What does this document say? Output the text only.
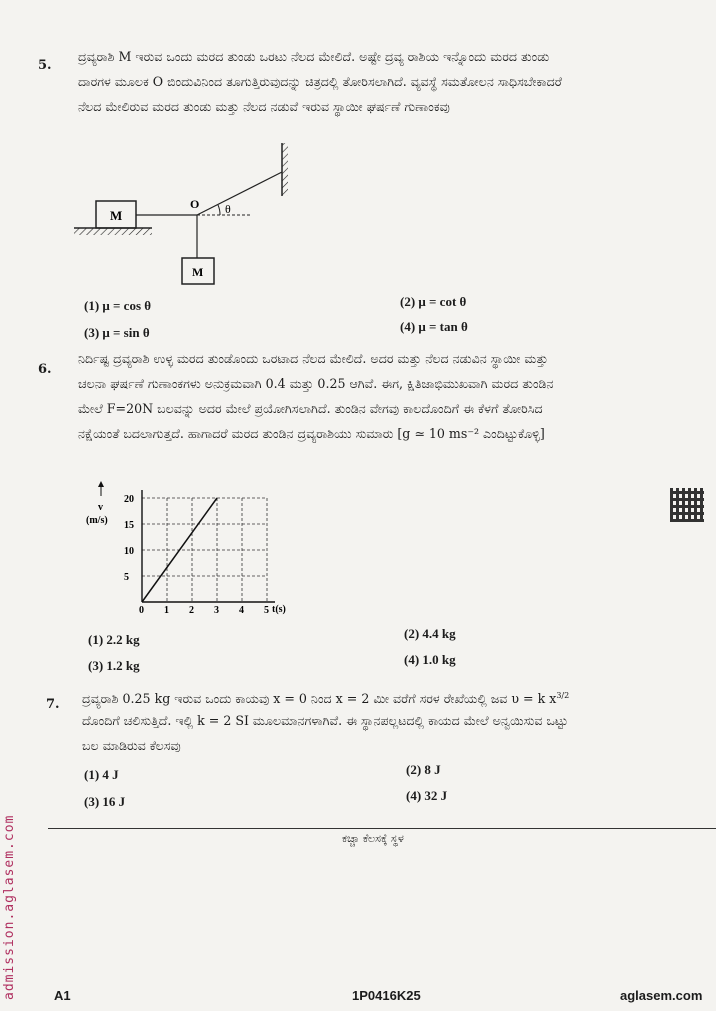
5.
ದ್ರವ್ಯರಾಶಿ M ಇರುವ ಒಂದು ಮರದ ತುಂಡು ಒರಟು ನೆಲದ ಮೇಲಿದೆ. ಅಷ್ಟೇ ದ್ರವ್ಯ ರಾಶಿಯ ಇನ್ನೊಂದು ಮರದ ತುಂಡು
ದಾರಗಳ ಮೂಲಕ O ಬಿಂದುವಿನಿಂದ ತೂಗುತ್ತಿರುವುದನ್ನು ಚಿತ್ರದಲ್ಲಿ ತೋರಿಸಲಾಗಿದೆ. ವ್ಯವಸ್ಥೆ ಸಮತೋಲನ ಸಾಧಿಸಬೇಕಾದರೆ
ನೆಲದ ಮೇಲಿರುವ ಮರದ ತುಂಡು ಮತ್ತು ನೆಲದ ನಡುವೆ ಇರುವ ಸ್ಥಾಯೀ ಘರ್ಷಣೆ ಗುಣಾಂಕವು
M
O θ
M
(1) μ = cos θ	(2) μ = cot θ
(3) μ = sin θ	(4) μ = tan θ
6.
ನಿರ್ದಿಷ್ಟ ದ್ರವ್ಯರಾಶಿ ಉಳ್ಳ ಮರದ ತುಂಡೊಂದು ಒರಟಾದ ನೆಲದ ಮೇಲಿದೆ. ಅದರ ಮತ್ತು ನೆಲದ ನಡುವಿನ ಸ್ಥಾಯೀ ಮತ್ತು
ಚಲನಾ ಘರ್ಷಣೆ ಗುಣಾಂಕಗಳು ಅನುಕ್ರಮವಾಗಿ 0.4 ಮತ್ತು 0.25 ಆಗಿವೆ. ಈಗ, ಕ್ಷಿತಿಜಾಭಿಮುಖವಾಗಿ ಮರದ ತುಂಡಿನ
ಮೇಲೆ F=20N ಬಲವನ್ನು ಅದರ ಮೇಲೆ ಪ್ರಯೋಗಿಸಲಾಗಿದೆ. ತುಂಡಿನ ವೇಗವು ಕಾಲದೊಂದಿಗೆ ಈ ಕೆಳಗೆ ತೋರಿಸಿದ
ನಕ್ಷೆಯಂತೆ ಬದಲಾಗುತ್ತದೆ. ಹಾಗಾದರೆ ಮರದ ತುಂಡಿನ ದ್ರವ್ಯರಾಶಿಯು ಸುಮಾರು [g ≃ 10 ms⁻² ಎಂದಿಟ್ಟುಕೊಳ್ಳಿ]
0 1 2 3 4 5
5
10
15
20
v (m/s)
t(s)
(1) 2.2 kg	(2) 4.4 kg
(3) 1.2 kg	(4) 1.0 kg
7. ದ್ರವ್ಯರಾಶಿ 0.25 kg ಇರುವ ಒಂದು ಕಾಯವು x = 0 ನಿಂದ x = 2 ಮೀ ವರೆಗೆ ಸರಳ ರೇಖೆಯಲ್ಲಿ ಜವ υ = k $x^{3/2}$
ದೊಂದಿಗೆ ಚಲಿಸುತ್ತಿದೆ. ಇಲ್ಲಿ k = 2 SI ಮೂಲಮಾನಗಳಾಗಿವೆ. ಈ ಸ್ಥಾನಪಲ್ಲಟದಲ್ಲಿ ಕಾಯದ ಮೇಲೆ ಅನ್ವಯಿಸುವ ಒಟ್ಟು
ಬಲ ಮಾಡಿರುವ ಕೆಲಸವು
(1) 4 J	(2) 8 J
(3) 16 J	(4) 32 J
ಕಚ್ಚಾ ಕೆಲಸಕ್ಕೆ ಸ್ಥಳ
admission.aglasem.com	A1	1P0416K25	aglasem.com
